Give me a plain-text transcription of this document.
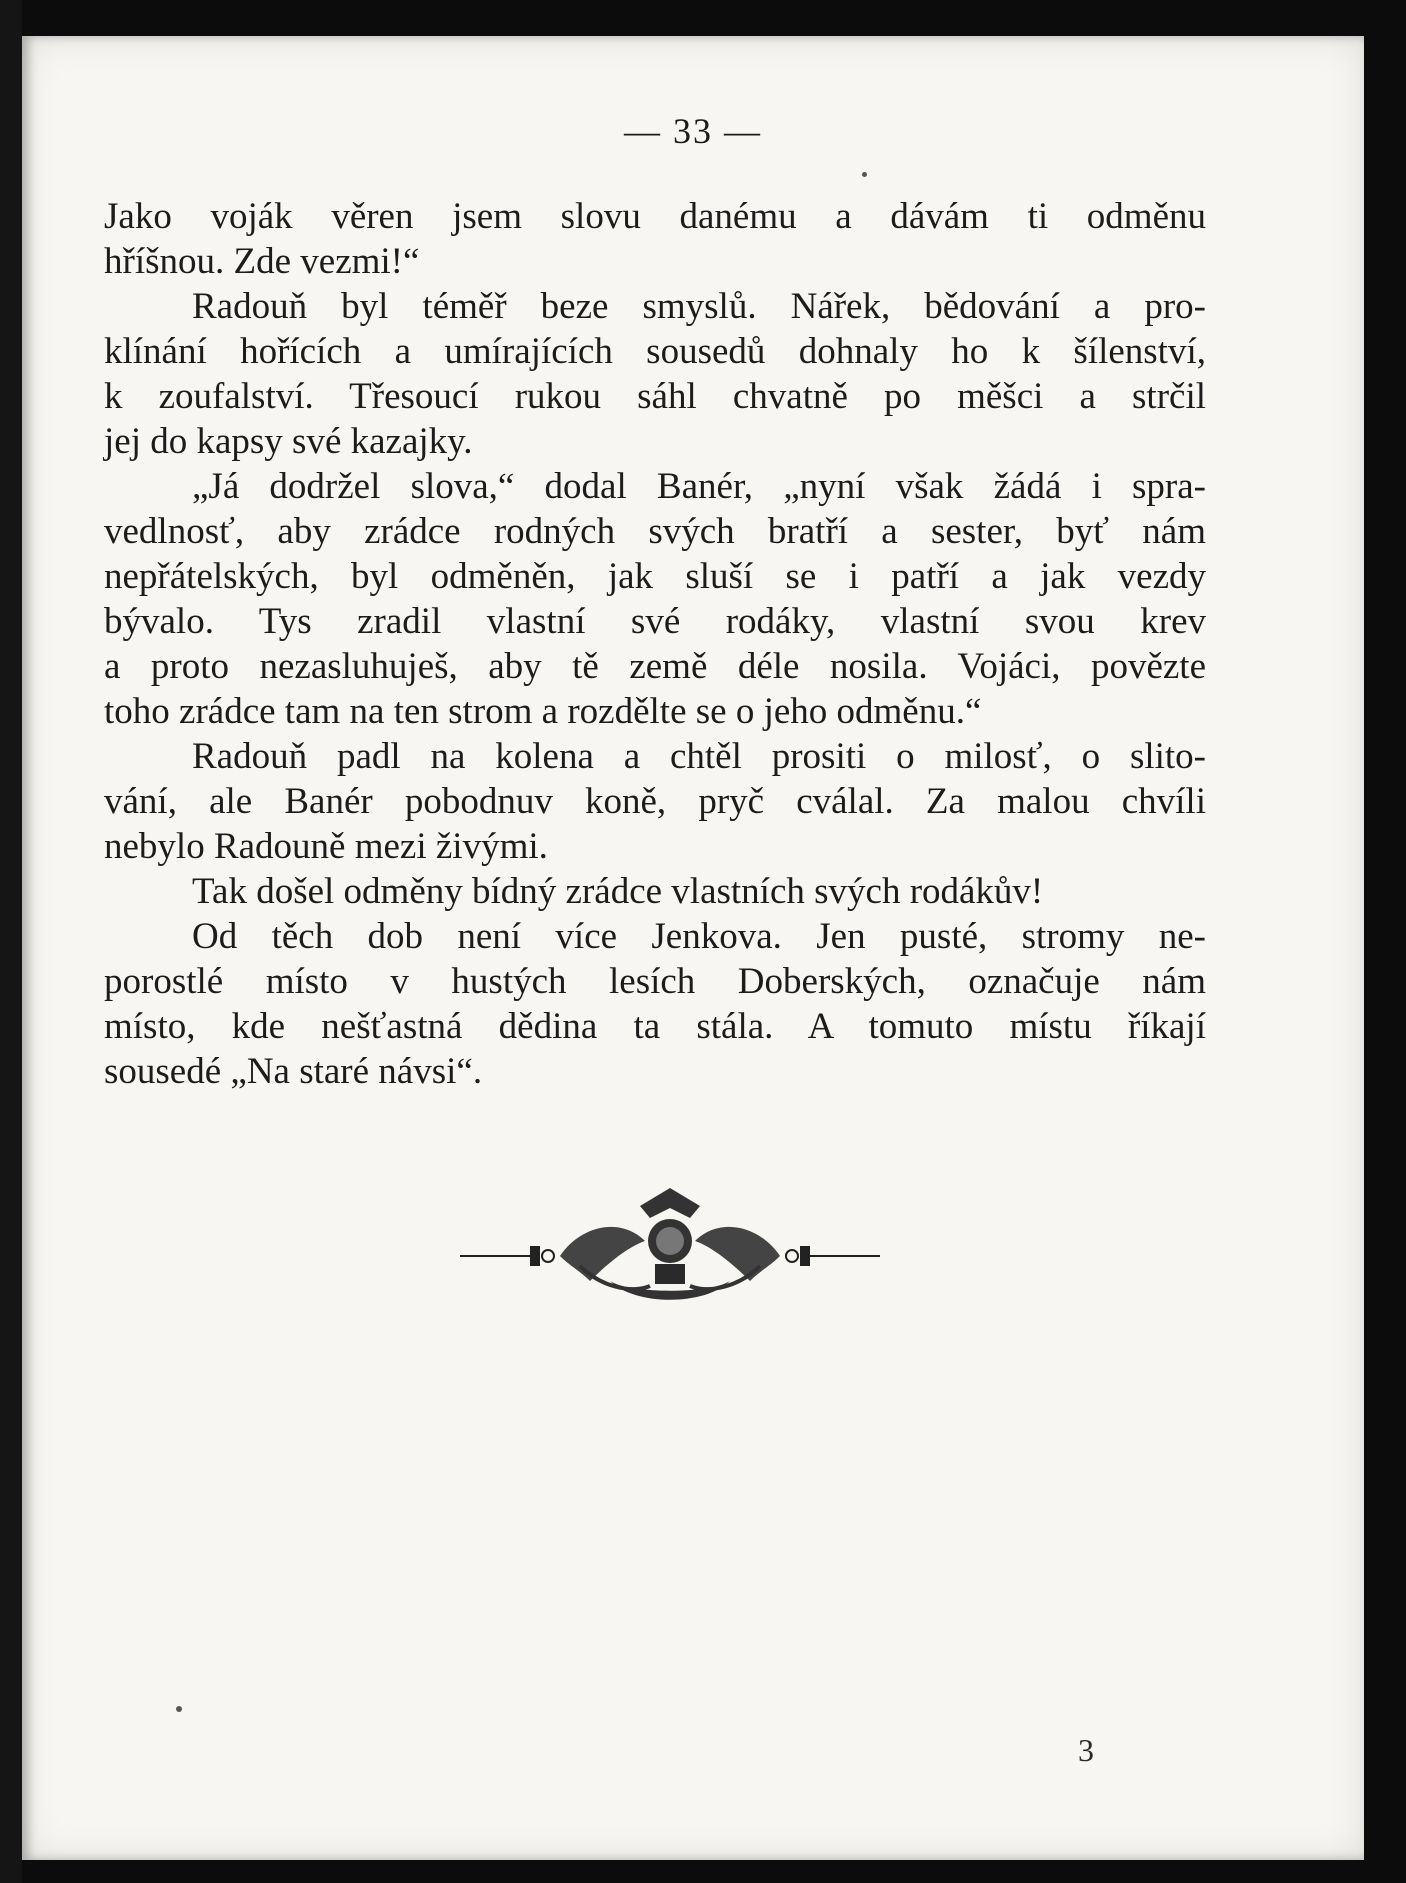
— 33 —
Jako voják věren jsem slovu danému a dávám ti odměnu
hříšnou. Zde vezmi!“
Radouň byl téměř beze smyslů. Nářek, bědování a pro-
klínání hořících a umírajících sousedů dohnaly ho k šílenství,
k zoufalství. Třesoucí rukou sáhl chvatně po měšci a strčil
jej do kapsy své kazajky.
„Já dodržel slova,“ dodal Banér, „nyní však žádá i spra-
vedlnosť, aby zrádce rodných svých bratří a sester, byť nám
nepřátelských, byl odměněn, jak sluší se i patří a jak vezdy
bývalo. Tys zradil vlastní své rodáky, vlastní svou krev
a proto nezasluhuješ, aby tě země déle nosila. Vojáci, povězte
toho zrádce tam na ten strom a rozdělte se o jeho odměnu.“
Radouň padl na kolena a chtěl prositi o milosť, o slito-
vání, ale Banér pobodnuv koně, pryč cválal. Za malou chvíli
nebylo Radouně mezi živými.
Tak došel odměny bídný zrádce vlastních svých rodákův!
Od těch dob není více Jenkova. Jen pusté, stromy ne-
porostlé místo v hustých lesích Doberských, označuje nám
místo, kde nešťastná dědina ta stála. A tomuto místu říkají
sousedé „Na staré návsi“.
3
